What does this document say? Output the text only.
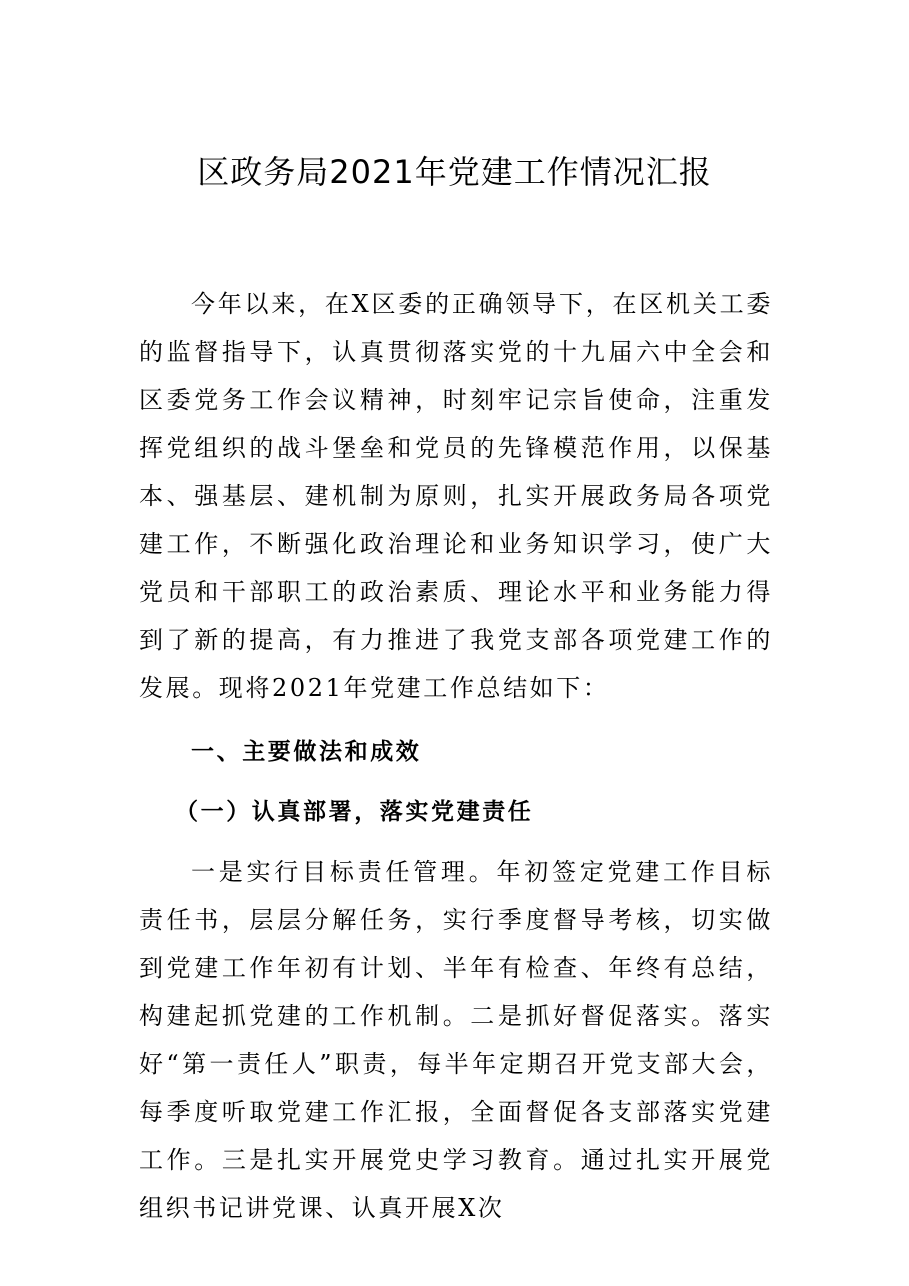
区政务局2021年党建工作情况汇报

今年以来，在X区委的正确领导下，在区机关工委的监督指导下，认真贯彻落实党的十九届六中全会和区委党务工作会议精神，时刻牢记宗旨使命，注重发挥党组织的战斗堡垒和党员的先锋模范作用，以保基本、强基层、建机制为原则，扎实开展政务局各项党建工作，不断强化政治理论和业务知识学习，使广大党员和干部职工的政治素质、理论水平和业务能力得到了新的提高，有力推进了我党支部各项党建工作的发展。现将2021年党建工作总结如下：

一、主要做法和成效

（一）认真部署，落实党建责任

一是实行目标责任管理。年初签定党建工作目标责任书，层层分解任务，实行季度督导考核，切实做到党建工作年初有计划、半年有检查、年终有总结，构建起抓党建的工作机制。二是抓好督促落实。落实好“第一责任人”职责，每半年定期召开党支部大会，每季度听取党建工作汇报，全面督促各支部落实党建工作。三是扎实开展党史学习教育。通过扎实开展党组织书记讲党课、认真开展X次
